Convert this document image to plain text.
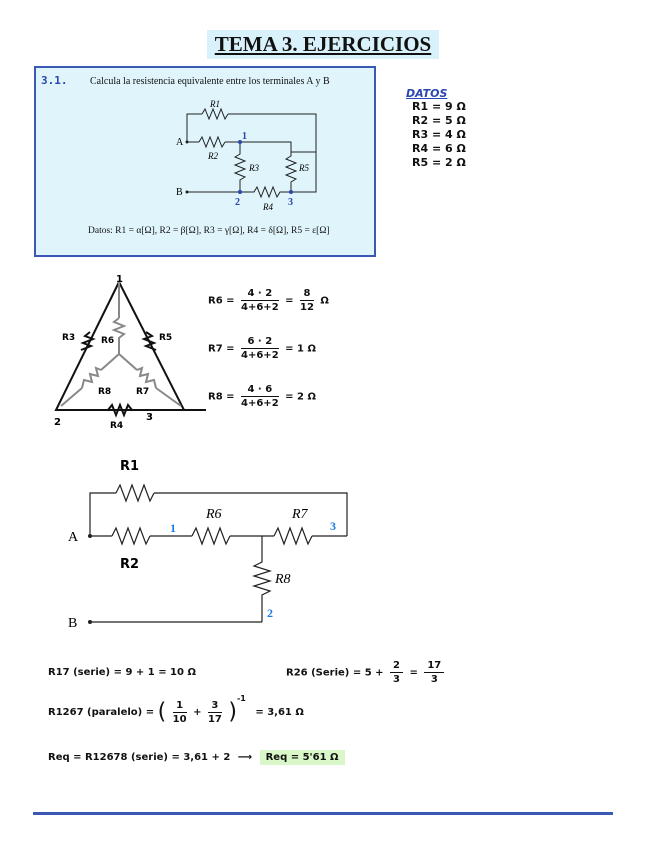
TEMA 3. EJERCICIOS
3.1. Calcula la resistencia equivalente entre los terminales A y B
R1
R2
R3
R4
R5
A
B
1
2	3
Datos: R1 = α[Ω], R2 = β[Ω], R3 = γ[Ω], R4 = δ[Ω], R5 = ε[Ω]
DATOS
R1 = 9 Ω
R2 = 5 Ω
R3 = 4 Ω
R4 = 6 Ω
R5 = 2 Ω
1
2	3
R3	R6	R5
R8	R7
R4
$R6 = \frac{4 \cdot 2}{4+6+2} = \frac{8}{12}$ Ω
$R7 = \frac{6 \cdot 2}{4+6+2} = 1$ Ω
$R8 = \frac{4 \cdot 6}{4+6+2} = 2$ Ω
R1
R2
R6	R7
R8
A
B
1
2
3
R17 (serie) = 9 + 1 = 10 Ω	R26 (Serie) = $5 + \frac{2}{3} = \frac{17}{3}$
R1267 (paralelo) = ( $\frac{1}{10} + \frac{3}{17} )^{-1} = 3,61$ Ω
Req = R12678 (serie) = 3,61 + 2 ⟶ Req = 5'61 Ω
